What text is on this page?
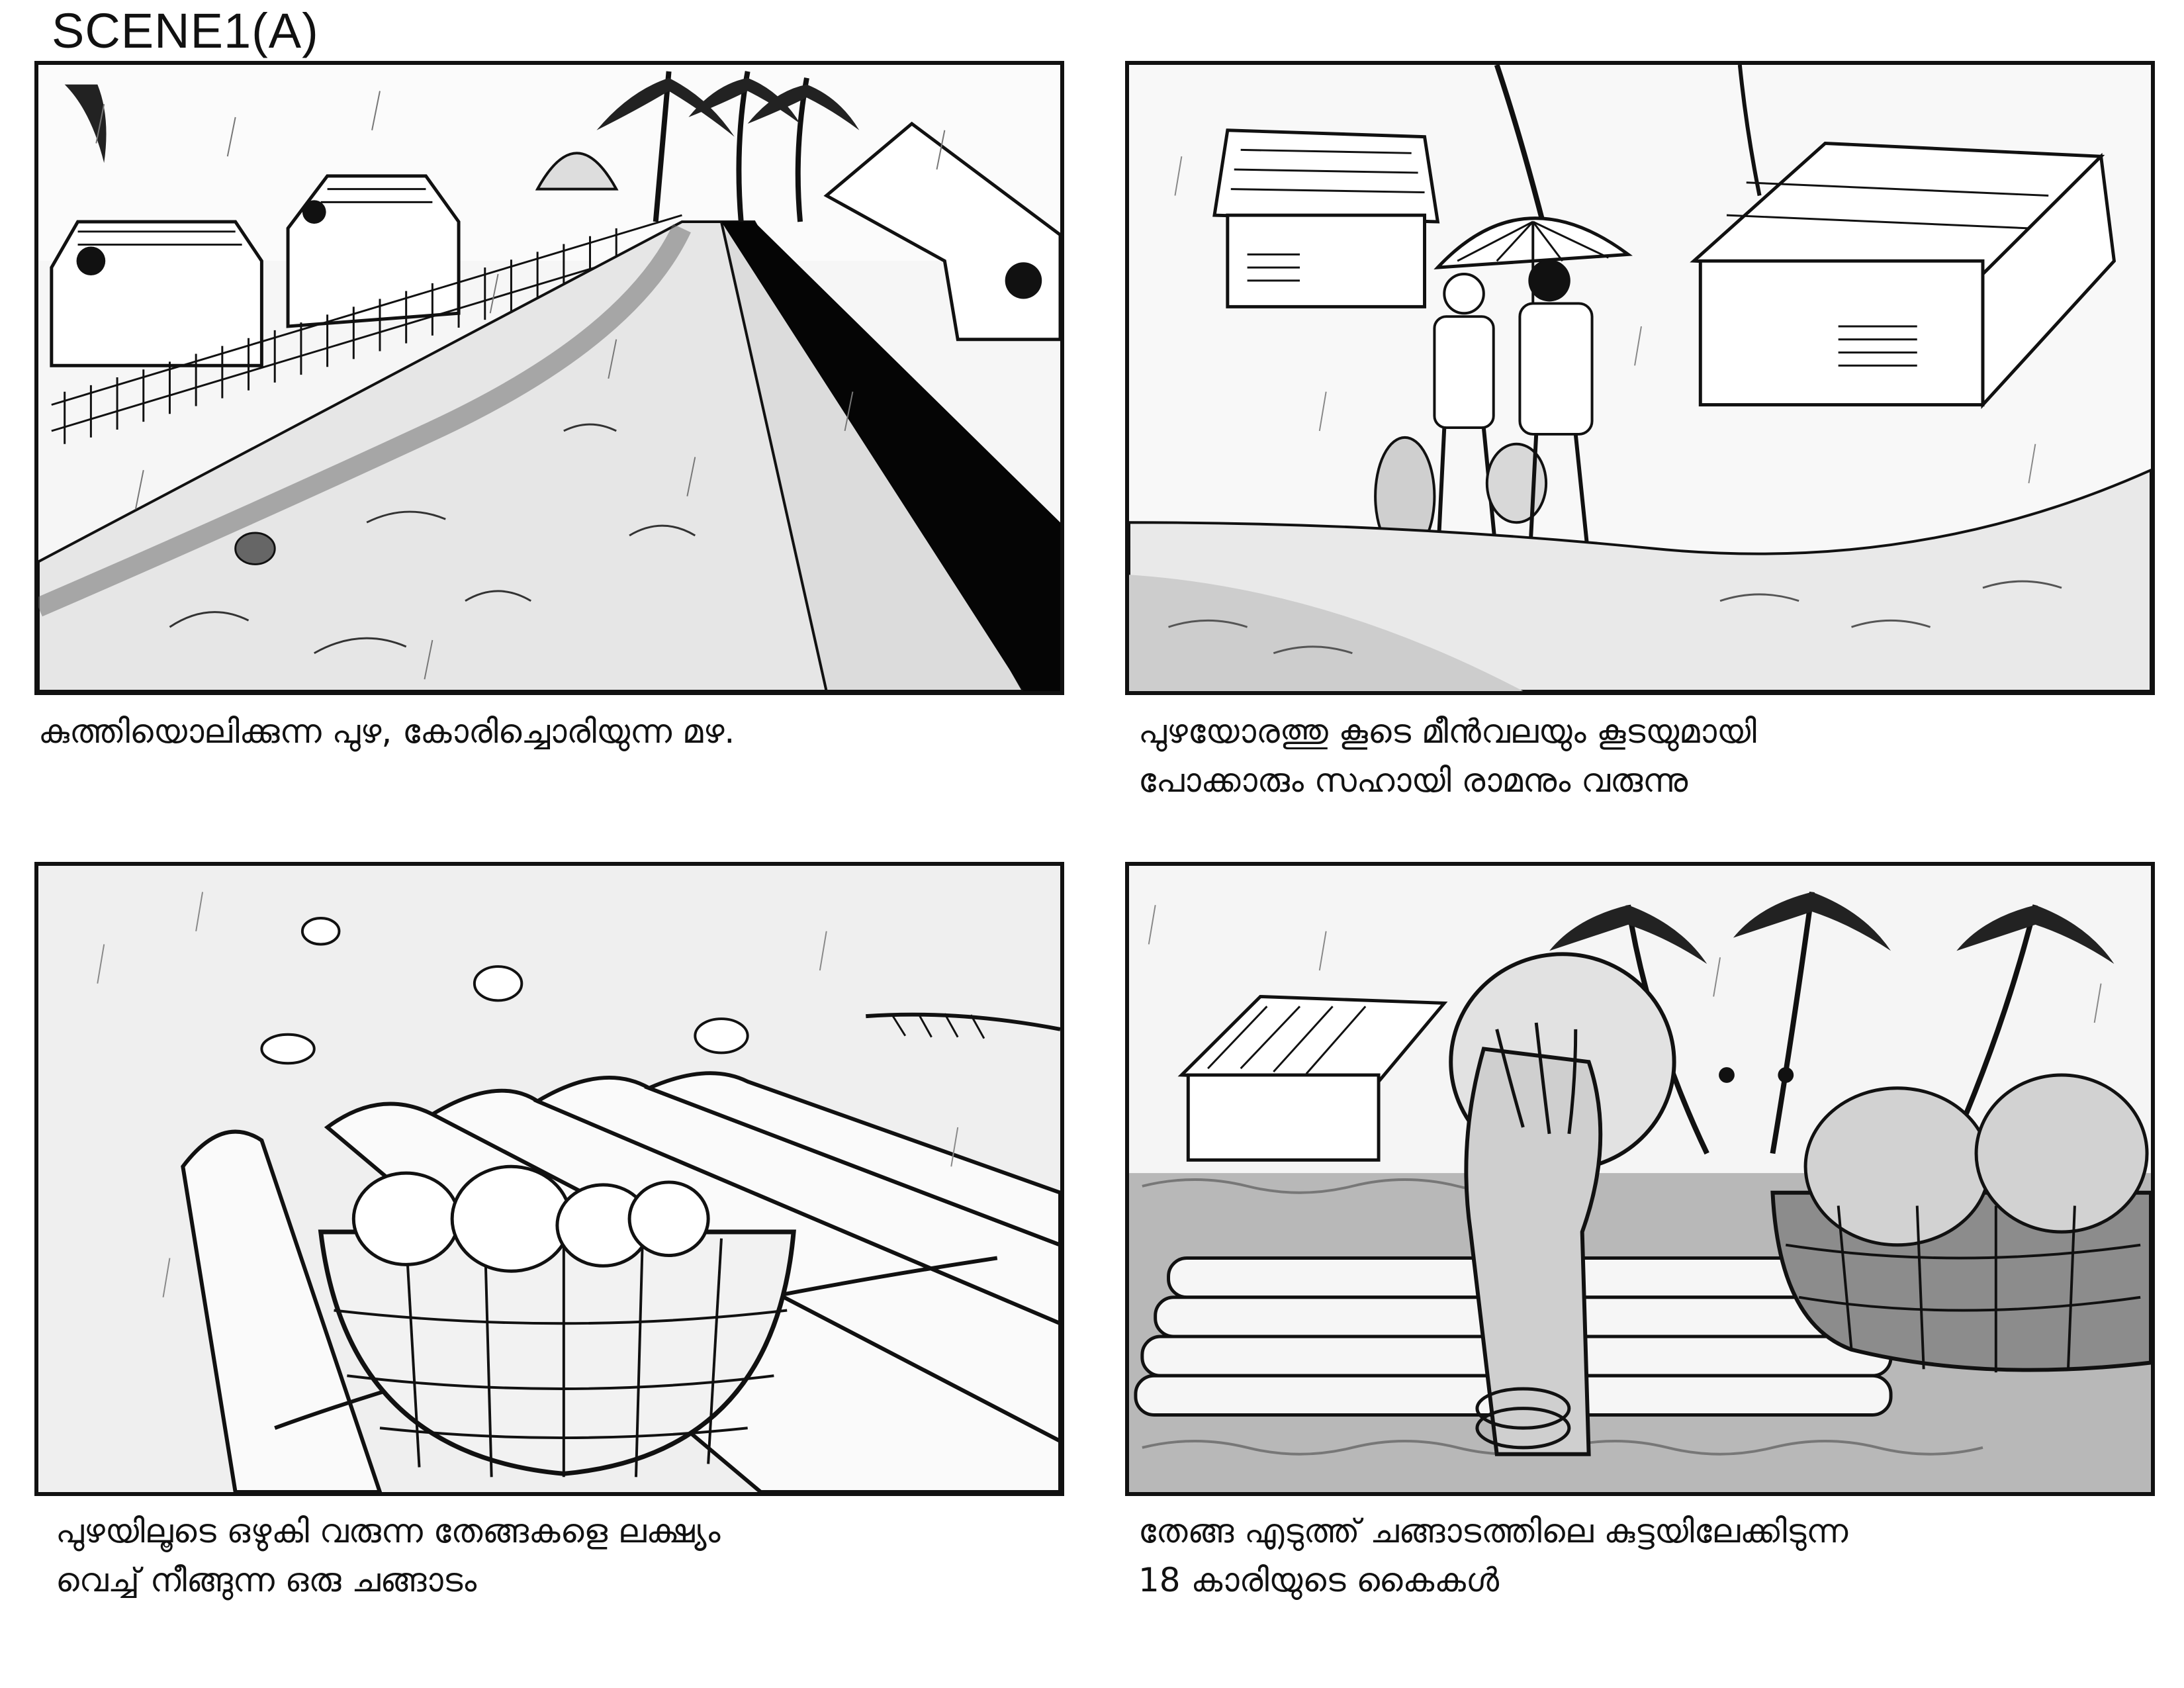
SCENE1(A)
കുത്തിയൊലിക്കുന്ന പുഴ, കോരിച്ചൊരിയുന്ന മഴ.	പുഴയോരത്തു കൂടെ മീൻവലയും കൂടയുമായി
പോക്കാരും സഹായി രാമനും വരുന്നു
പുഴയിലൂടെ ഒഴുകി വരുന്ന തേങ്ങകളെ ലക്ഷ്യം
വെച്ച് നീങ്ങുന്ന ഒരു ചങ്ങാടം
തേങ്ങ എടുത്ത് ചങ്ങാടത്തിലെ കുട്ടയിലേക്കിടുന്ന
18 കാരിയുടെ കൈകൾ
